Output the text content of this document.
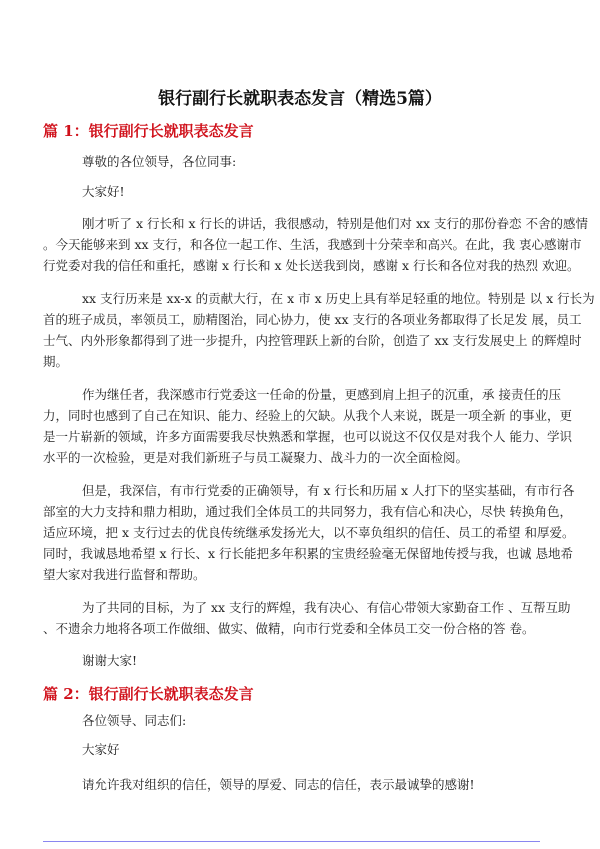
银行副行长就职表态发言（精选5篇）
篇 1：银行副行长就职表态发言
尊敬的各位领导，各位同事:
大家好!
刚才听了 x 行长和 x 行长的讲话，我很感动，特别是他们对 xx 支行的那份眷恋 不舍的感情
。今天能够来到 xx 支行，和各位一起工作、生活，我感到十分荣幸和高兴。在此，我 衷心感谢市
行党委对我的信任和重托，感谢 x 行长和 x 处长送我到岗，感谢 x 行长和各位对我的热烈 欢迎。
xx 支行历来是 xx-x 的贡献大行，在 x 市 x 历史上具有举足轻重的地位。特别是 以 x 行长为
首的班子成员，率领员工，励精图治，同心协力，使 xx 支行的各项业务都取得了长足发 展，员工
士气、内外形象都得到了进一步提升，内控管理跃上新的台阶，创造了 xx 支行发展史上 的辉煌时
期。
作为继任者，我深感市行党委这一任命的份量，更感到肩上担子的沉重，承 接责任的压
力，同时也感到了自己在知识、能力、经验上的欠缺。从我个人来说，既是一项全新 的事业，更
是一片崭新的领域，许多方面需要我尽快熟悉和掌握，也可以说这不仅仅是对我个人 能力、学识
水平的一次检验，更是对我们新班子与员工凝聚力、战斗力的一次全面检阅。
但是，我深信，有市行党委的正确领导，有 x 行长和历届 x 人打下的坚实基础，有市行各
部室的大力支持和鼎力相助，通过我们全体员工的共同努力，我有信心和决心，尽快 转换角色，
适应环境，把 x 支行过去的优良传统继承发扬光大，以不辜负组织的信任、员工的希望 和厚爱。
同时，我诚恳地希望 x 行长、x 行长能把多年积累的宝贵经验毫无保留地传授与我，也诚 恳地希
望大家对我进行监督和帮助。
为了共同的目标，为了 xx 支行的辉煌，我有决心、有信心带领大家勤奋工作 、互帮互助
、不遗余力地将各项工作做细、做实、做精，向市行党委和全体员工交一份合格的答 卷。
谢谢大家!
篇 2：银行副行长就职表态发言
各位领导、同志们:
大家好
请允许我对组织的信任，领导的厚爱、同志的信任，表示最诚挚的感谢!
